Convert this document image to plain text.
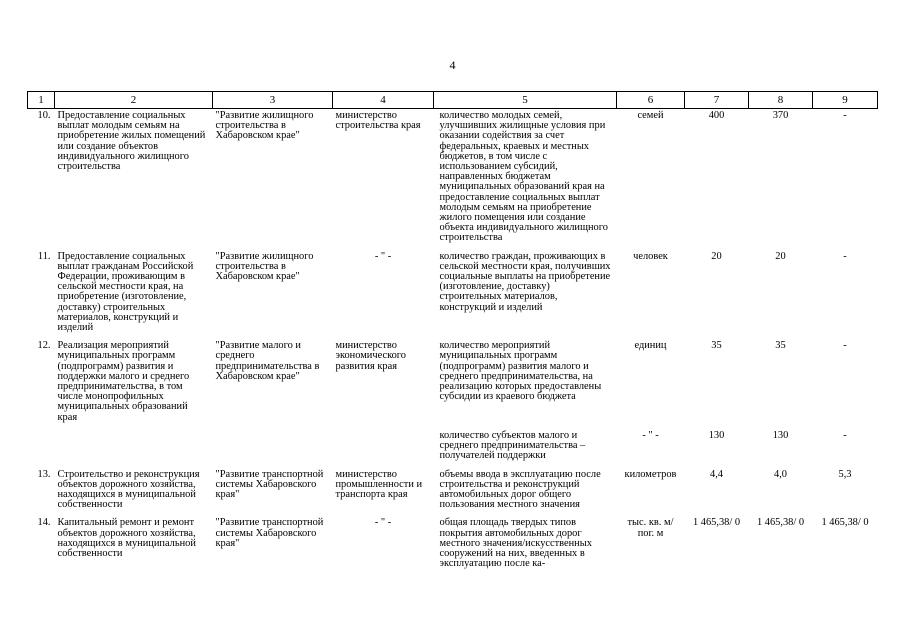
4
1	2	3	4	5	6	7	8	9
10.	Предоставление социальных выплат молодым семьям на приобретение жилых помещений или создание объектов индивидуального жилищного строительства	"Развитие жилищного строительства в Хабаровском крае"	министерство строительства края	количество молодых семей, улучшивших жилищные условия при оказании содействия за счет федеральных, краевых и местных бюджетов, в том числе с использованием субсидий, направленных бюджетам муниципальных образований края на предоставление социальных выплат молодым семьям на приобретение жилого помещения или создание объекта индивидуального жилищного строительства	семей	400	370	-
11.	Предоставление социальных выплат гражданам Российской Федерации, проживающим в сельской местности края, на приобретение (изготовление, доставку) строительных материалов, конструкций и изделий	"Развитие жилищного строительства в Хабаровском крае"	- " -	количество граждан, проживающих в сельской местности края, получивших социальные выплаты на приобретение (изготовление, доставку) строительных материалов, конструкций и изделий	человек	20	20	-
12.	Реализация мероприятий муниципальных программ (подпрограмм) развития и поддержки малого и среднего предпринимательства, в том числе монопрофильных муниципальных образований края	"Развитие малого и среднего предпринимательства в Хабаровском крае"	министерство экономического развития края	количество мероприятий муниципальных программ (подпрограмм) развития малого и среднего предпринимательства, на реализацию которых предоставлены субсидии из краевого бюджета	единиц	35	35	-
				количество субъектов малого и среднего предпринимательства – получателей поддержки	- " -	130	130	-
13.	Строительство и реконструкция объектов дорожного хозяйства, находящихся в муниципальной собственности	"Развитие транспортной системы Хабаровского края"	министерство промышленности и транспорта края	объемы ввода в эксплуатацию после строительства и реконструкций автомобильных дорог общего пользования местного значения	километров	4,4	4,0	5,3
14.	Капитальный ремонт и ремонт объектов дорожного хозяйства, находящихся в муниципальной собственности	"Развитие транспортной системы Хабаровского края"	- " -	общая площадь твердых типов покрытия автомобильных дорог местного значения/искусственных сооружений на них, введенных в эксплуатацию после ка-	тыс. кв. м/ пог. м	1 465,38/ 0	1 465,38/ 0	1 465,38/ 0
